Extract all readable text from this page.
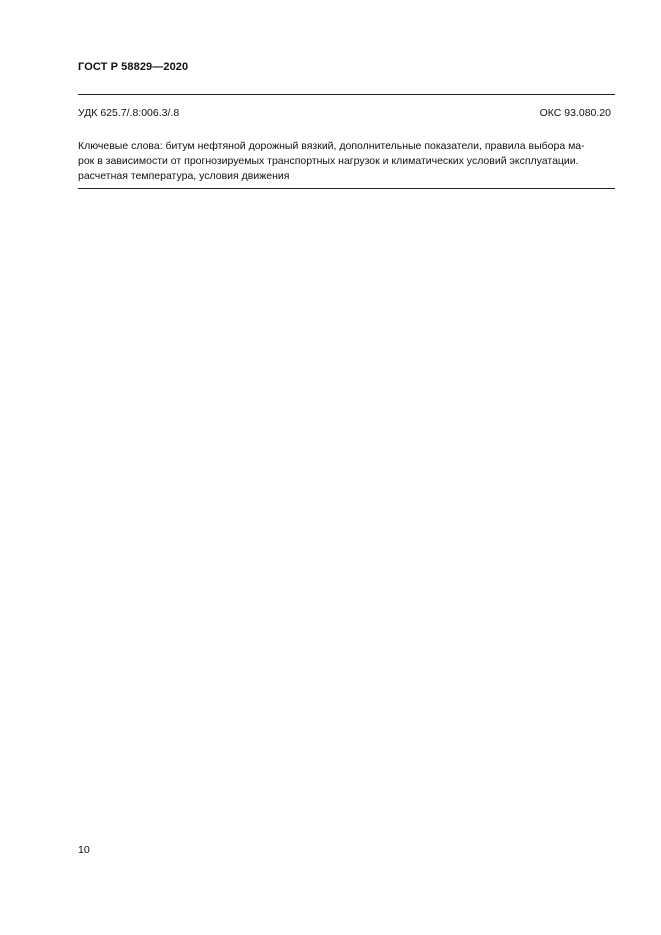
ГОСТ Р 58829—2020
УДК 625.7/.8:006.3/.8	ОКС 93.080.20
Ключевые слова: битум нефтяной дорожный вязкий, дополнительные показатели, правила выбора ма-
рок в зависимости от прогнозируемых транспортных нагрузок и климатических условий эксплуатации.
расчетная температура, условия движения
10
